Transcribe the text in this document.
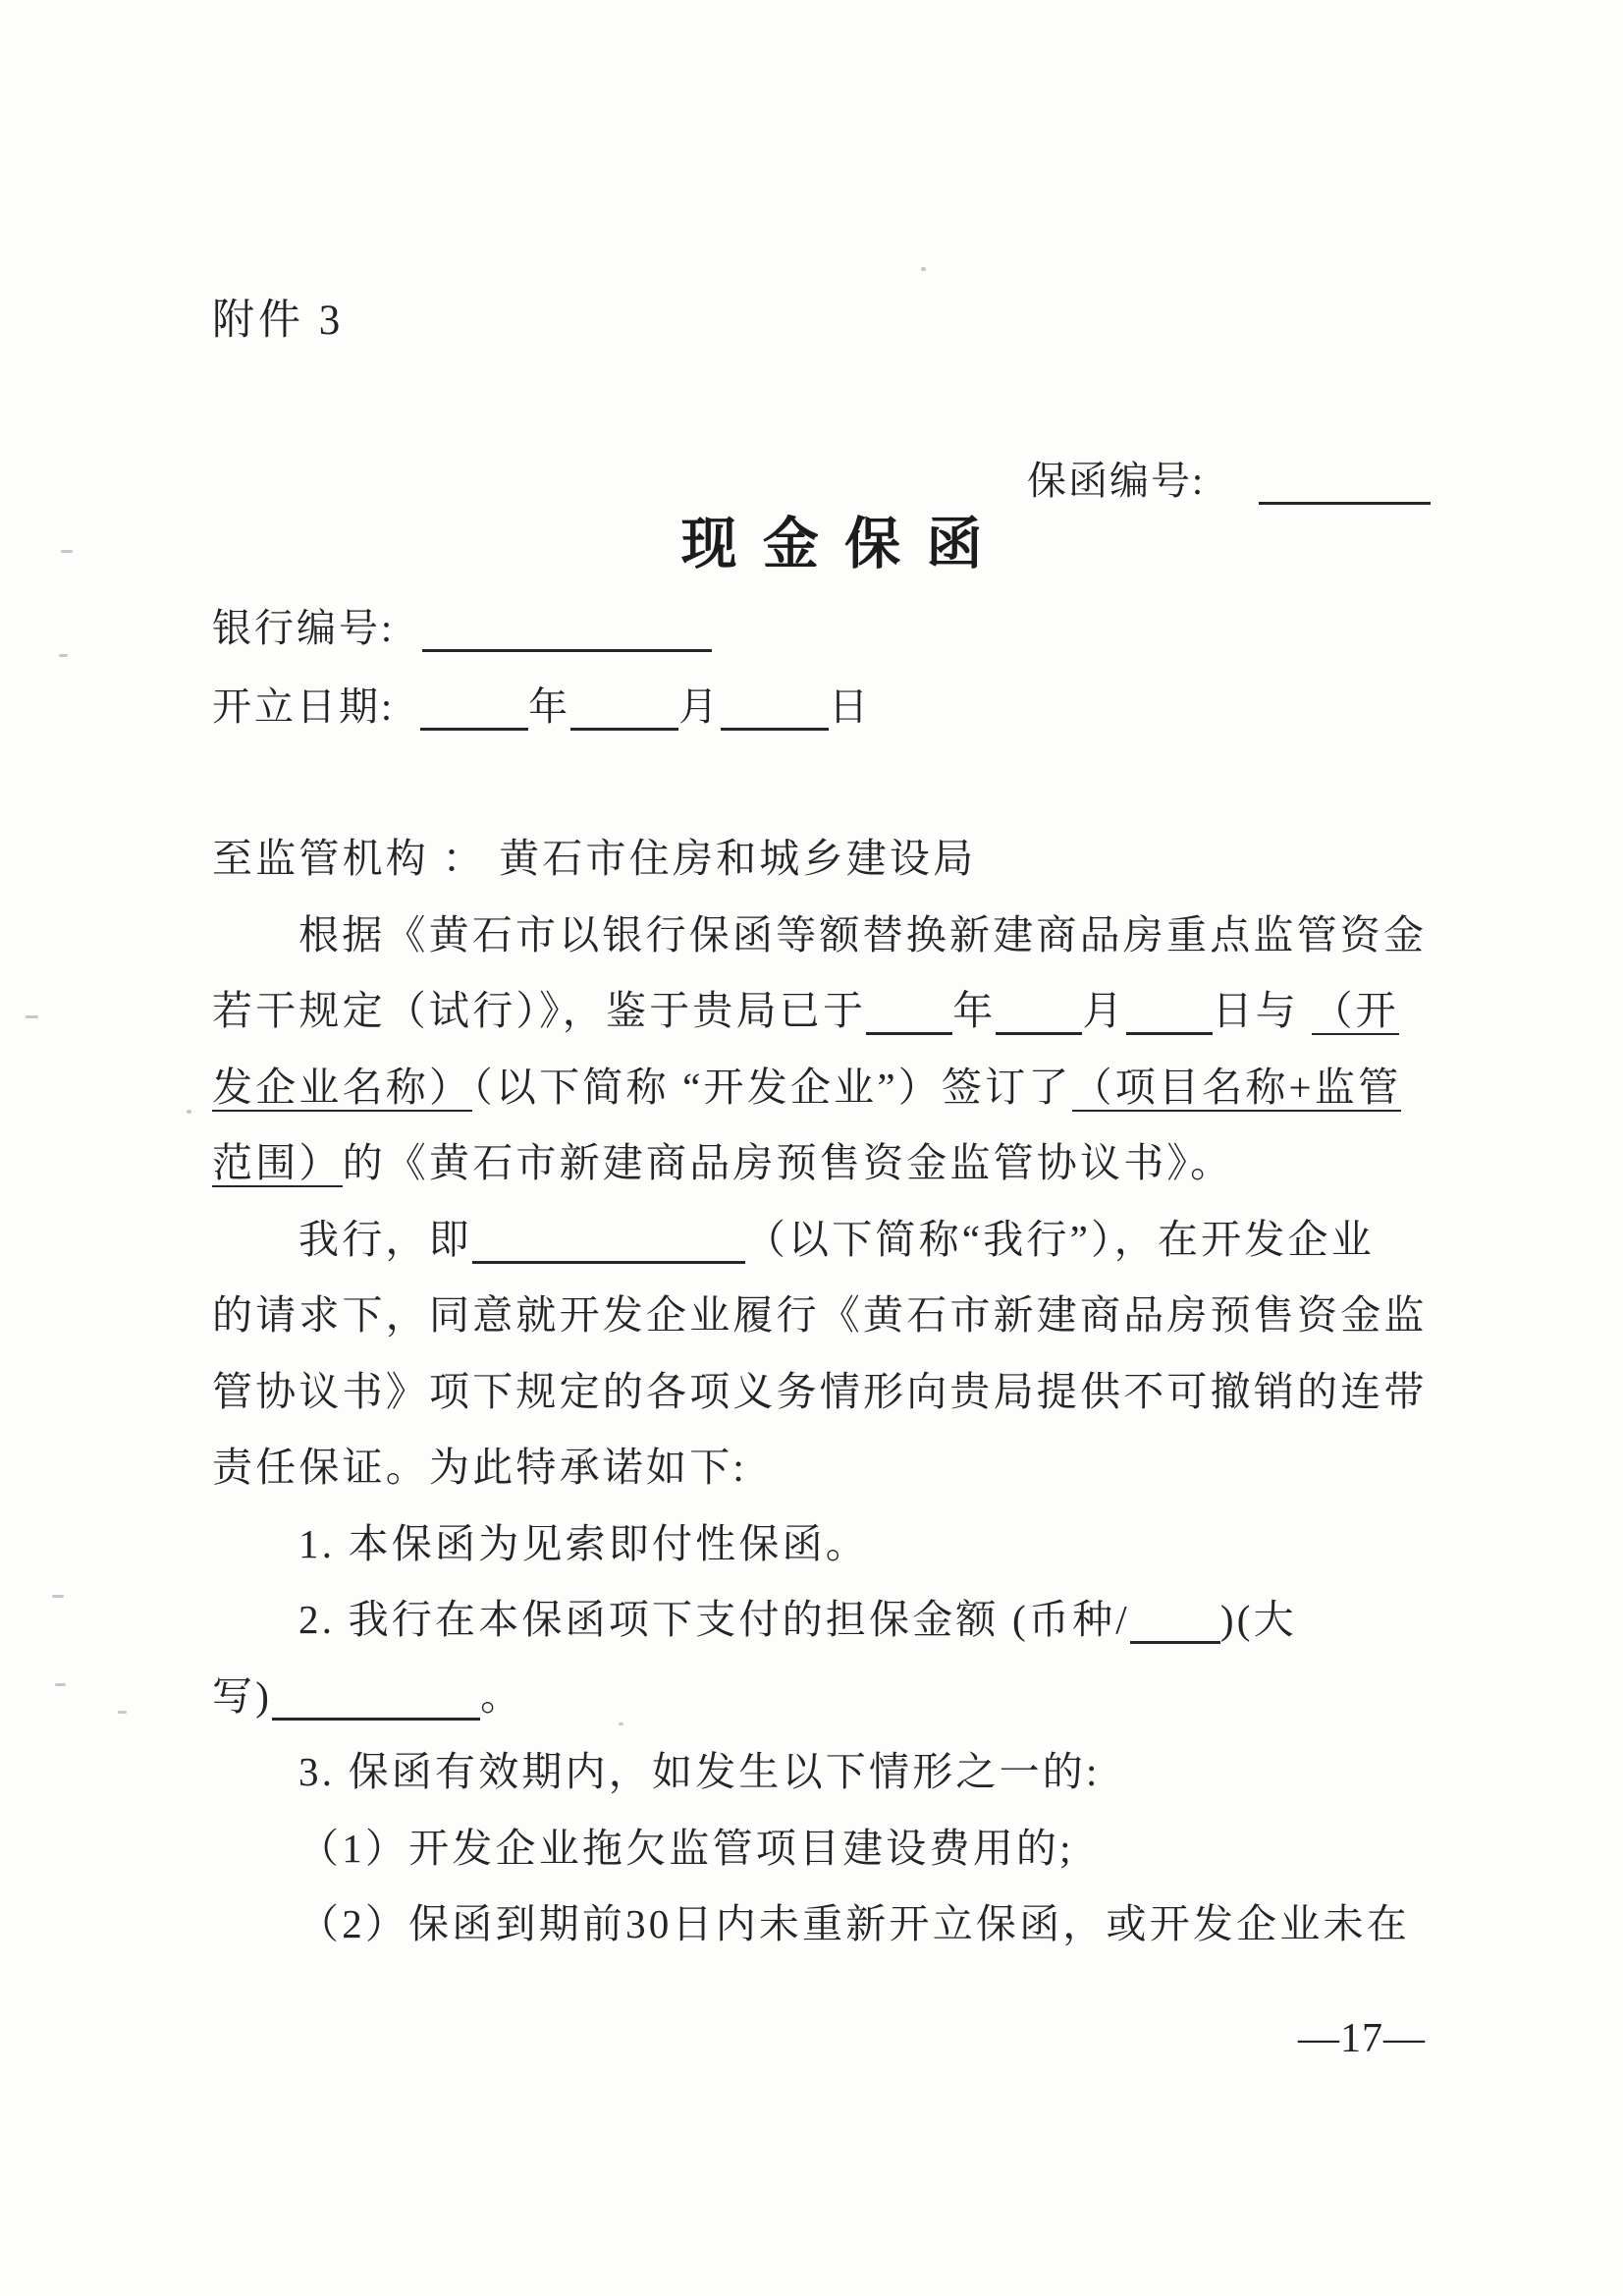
附件 3
保函编号:
现 金 保 函
银行编号:
开立日期:	年	月	日
至监管机构 ： 黄石市住房和城乡建设局
根据《黄石市以银行保函等额替换新建商品房重点监管资金
若干规定（试行）》，鉴于贵局已于 年 月 日与 （开
发企业名称）（以下简称 “开发企业”）签订了（项目名称+监管
范围）的《黄石市新建商品房预售资金监管协议书》。
我行，即	（以下简称“我行”），在开发企业
的请求下，同意就开发企业履行《黄石市新建商品房预售资金监
管协议书》项下规定的各项义务情形向贵局提供不可撤销的连带
责任保证。为此特承诺如下:
1. 本保函为见索即付性保函。
2. 我行在本保函项下支付的担保金额 (币种/ )(大
写)	。
3. 保函有效期内，如发生以下情形之一的:
（1）开发企业拖欠监管项目建设费用的;
（2）保函到期前30日内未重新开立保函，或开发企业未在
—17—
